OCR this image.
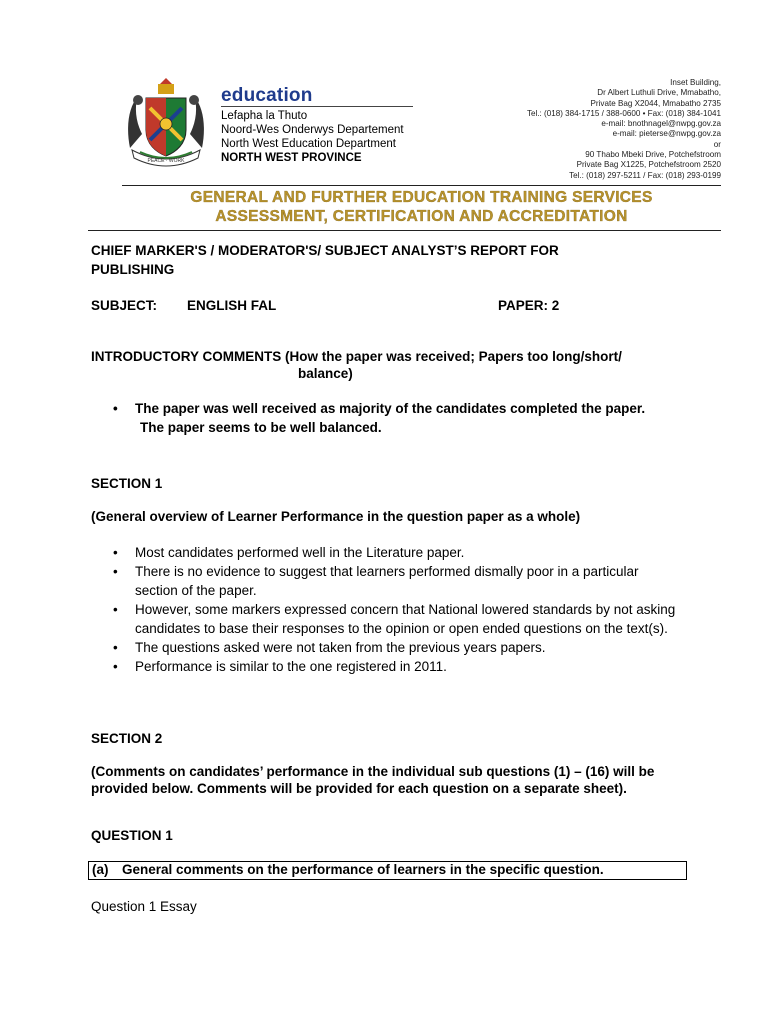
PEACE · WORK
education
Lefapha la Thuto
Noord-Wes Onderwys Departement
North West Education Department
NORTH WEST PROVINCE
Inset Building,
Dr Albert Luthuli Drive, Mmabatho,
Private Bag X2044, Mmabatho 2735
Tel.: (018) 384-1715 / 388-0600 • Fax: (018) 384-1041
e-mail: bnothnagel@nwpg.gov.za
e-mail: pieterse@nwpg.gov.za
or
90 Thabo Mbeki Drive, Potchefstroom
Private Bag X1225, Potchefstroom 2520
Tel.: (018) 297-5211 / Fax: (018) 293-0199
GENERAL AND FURTHER EDUCATION TRAINING SERVICES
ASSESSMENT, CERTIFICATION AND ACCREDITATION
CHIEF MARKER'S / MODERATOR'S/ SUBJECT ANALYST’S REPORT FOR
PUBLISHING
SUBJECT: ENGLISH FAL	PAPER: 2
INTRODUCTORY COMMENTS (How the paper was received; Papers too long/short/
balance)
• The paper was well received as majority of the candidates completed the paper.
The paper seems to be well balanced.
SECTION 1
(General overview of Learner Performance in the question paper as a whole)
• Most candidates performed well in the Literature paper.
• There is no evidence to suggest that learners performed dismally poor in a particular section of the paper.
• However, some markers expressed concern that National lowered standards by not asking candidates to base their responses to the opinion or open ended questions on the text(s).
• The questions asked were not taken from the previous years papers.
• Performance is similar to the one registered in 2011.
SECTION 2
(Comments on candidates’ performance in the individual sub questions (1) – (16) will be
provided below. Comments will be provided for each question on a separate sheet).
QUESTION 1
(a) General comments on the performance of learners in the specific question.
Question 1 Essay
